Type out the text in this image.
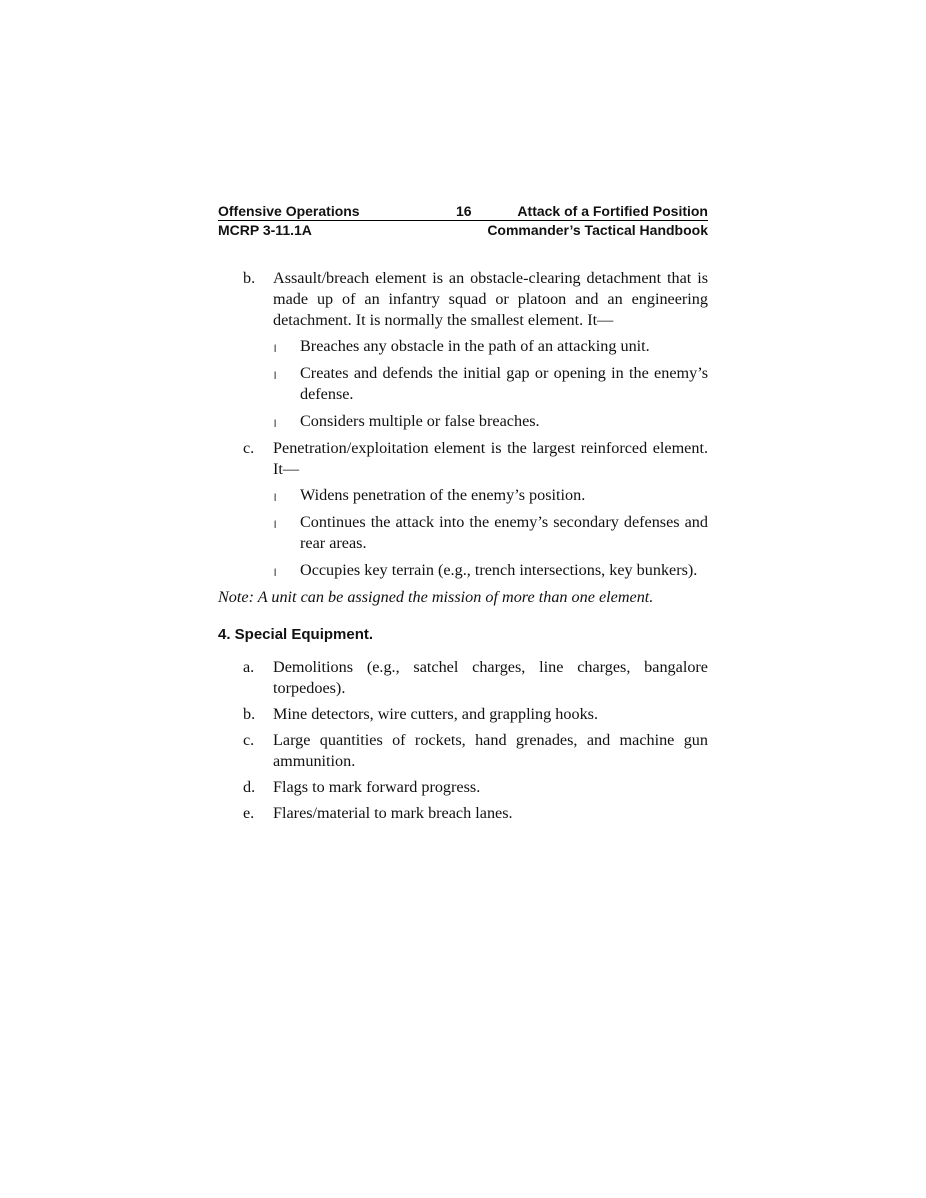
Offensive Operations	16	Attack of a Fortified Position
MCRP 3-11.1A	Commander’s Tactical Handbook
b. Assault/breach element is an obstacle-clearing detachment that is made up of an infantry squad or platoon and an engineering detachment. It is normally the smallest element. It—
l Breaches any obstacle in the path of an attacking unit.
l Creates and defends the initial gap or opening in the enemy’s defense.
l Considers multiple or false breaches.
c. Penetration/exploitation element is the largest reinforced element. It—
l Widens penetration of the enemy’s position.
l Continues the attack into the enemy’s secondary defenses and rear areas.
l Occupies key terrain (e.g., trench intersections, key bunkers).
Note: A unit can be assigned the mission of more than one element.
4. Special Equipment.
a. Demolitions (e.g., satchel charges, line charges, bangalore torpedoes).
b. Mine detectors, wire cutters, and grappling hooks.
c. Large quantities of rockets, hand grenades, and machine gun ammunition.
d. Flags to mark forward progress.
e. Flares/material to mark breach lanes.
